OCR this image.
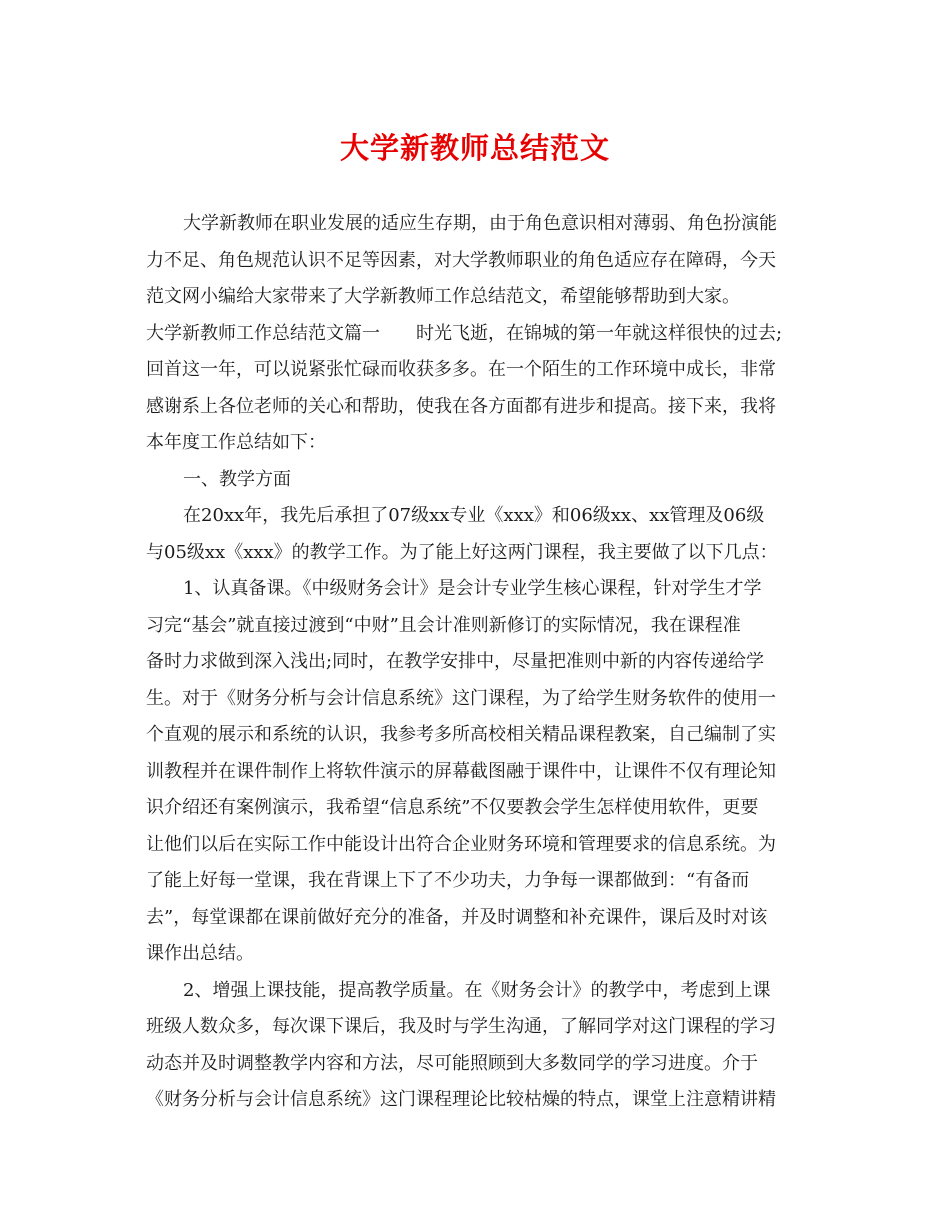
大学新教师总结范文
大学新教师在职业发展的适应生存期，由于角色意识相对薄弱、角色扮演能
力不足、角色规范认识不足等因素，对大学教师职业的角色适应存在障碍，今天
范文网小编给大家带来了大学新教师工作总结范文，希望能够帮助到大家。
大学新教师工作总结范文篇一　　时光飞逝，在锦城的第一年就这样很快的过去;
回首这一年，可以说紧张忙碌而收获多多。在一个陌生的工作环境中成长，非常
感谢系上各位老师的关心和帮助，使我在各方面都有进步和提高。接下来，我将
本年度工作总结如下：
一、教学方面
在20xx年，我先后承担了07级xx专业《xxx》和06级xx、xx管理及06级
与05级xx《xxx》的教学工作。为了能上好这两门课程，我主要做了以下几点：
1、认真备课。《中级财务会计》是会计专业学生核心课程，针对学生才学
习完“基会”就直接过渡到“中财”且会计准则新修订的实际情况，我在课程准
备时力求做到深入浅出;同时，在教学安排中，尽量把准则中新的内容传递给学
生。对于《财务分析与会计信息系统》这门课程，为了给学生财务软件的使用一
个直观的展示和系统的认识，我参考多所高校相关精品课程教案，自己编制了实
训教程并在课件制作上将软件演示的屏幕截图融于课件中，让课件不仅有理论知
识介绍还有案例演示，我希望“信息系统”不仅要教会学生怎样使用软件，更要
让他们以后在实际工作中能设计出符合企业财务环境和管理要求的信息系统。为
了能上好每一堂课，我在背课上下了不少功夫，力争每一课都做到：“有备而
去”，每堂课都在课前做好充分的准备，并及时调整和补充课件，课后及时对该
课作出总结。
2、增强上课技能，提高教学质量。在《财务会计》的教学中，考虑到上课
班级人数众多，每次课下课后，我及时与学生沟通，了解同学对这门课程的学习
动态并及时调整教学内容和方法，尽可能照顾到大多数同学的学习进度。介于
《财务分析与会计信息系统》这门课程理论比较枯燥的特点，课堂上注意精讲精
